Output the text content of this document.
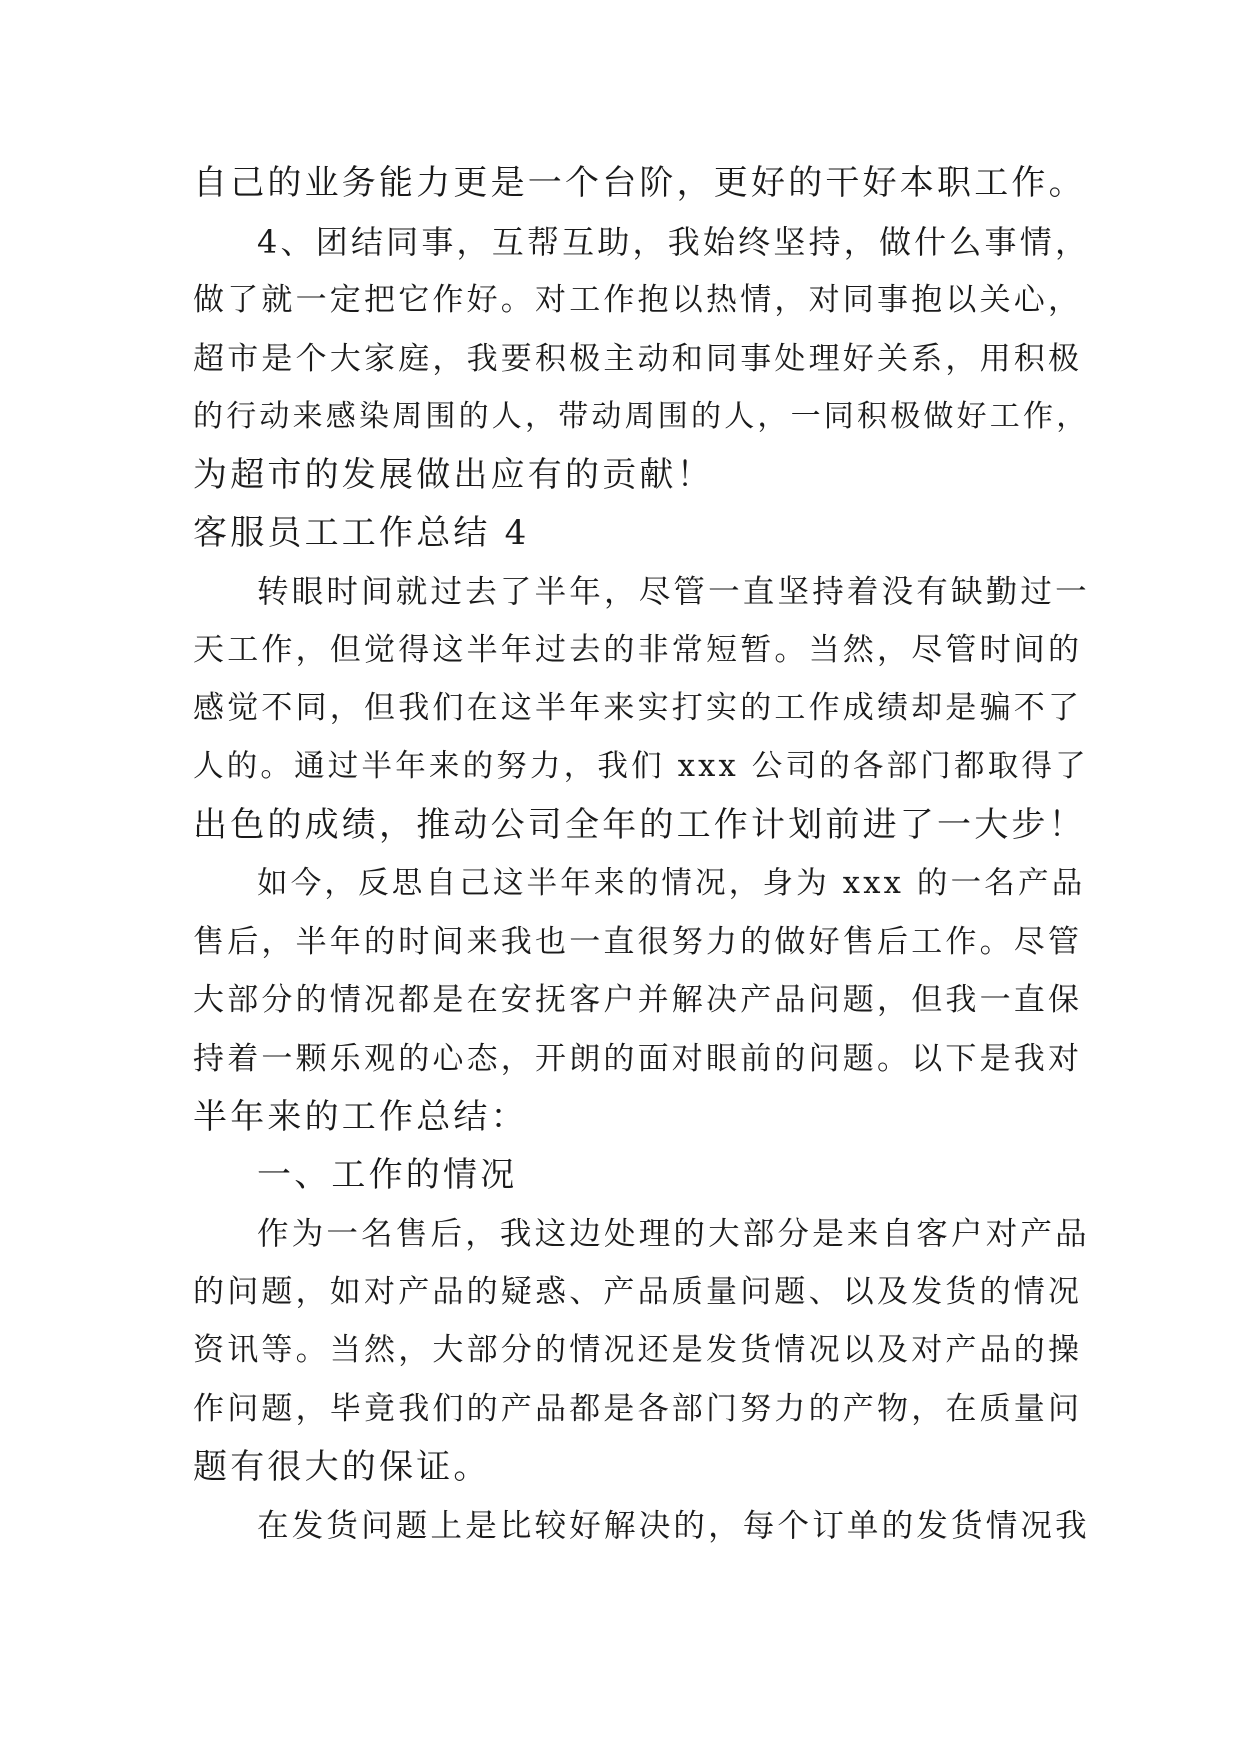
自己的业务能力更是一个台阶，更好的干好本职工作。
4、团结同事，互帮互助，我始终坚持，做什么事情，
做了就一定把它作好。对工作抱以热情，对同事抱以关心，
超市是个大家庭，我要积极主动和同事处理好关系，用积极
的行动来感染周围的人，带动周围的人，一同积极做好工作，
为超市的发展做出应有的贡献！
客服员工工作总结 4
转眼时间就过去了半年，尽管一直坚持着没有缺勤过一
天工作，但觉得这半年过去的非常短暂。当然，尽管时间的
感觉不同，但我们在这半年来实打实的工作成绩却是骗不了
人的。通过半年来的努力，我们 xxx 公司的各部门都取得了
出色的成绩，推动公司全年的工作计划前进了一大步！
如今，反思自己这半年来的情况，身为 xxx 的一名产品
售后，半年的时间来我也一直很努力的做好售后工作。尽管
大部分的情况都是在安抚客户并解决产品问题，但我一直保
持着一颗乐观的心态，开朗的面对眼前的问题。以下是我对
半年来的工作总结：
一、工作的情况
作为一名售后，我这边处理的大部分是来自客户对产品
的问题，如对产品的疑惑、产品质量问题、以及发货的情况
资讯等。当然，大部分的情况还是发货情况以及对产品的操
作问题，毕竟我们的产品都是各部门努力的产物，在质量问
题有很大的保证。
在发货问题上是比较好解决的，每个订单的发货情况我
